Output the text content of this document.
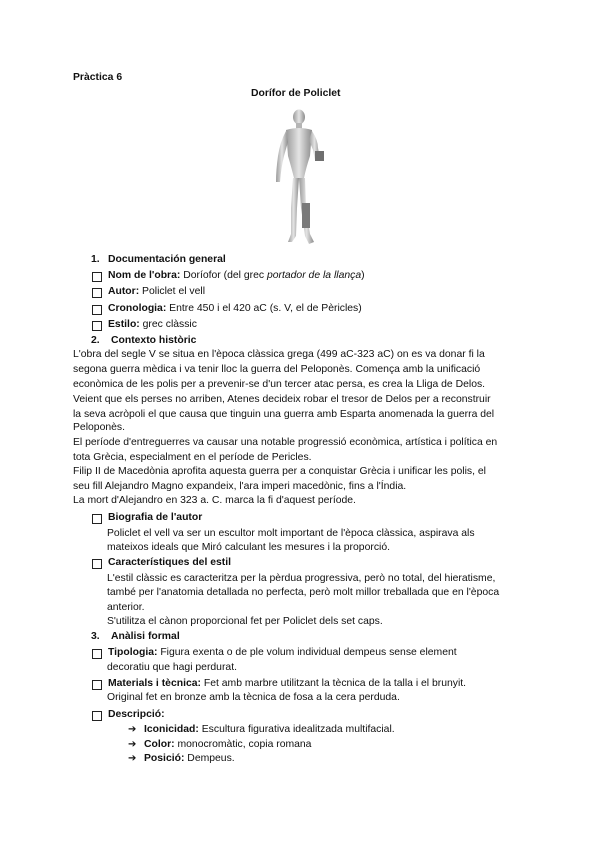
Pràctica 6
Dorífor de Policlet
1. Documentación general
Nom de l'obra: Doríofor (del grec portador de la llança)
Autor: Policlet el vell
Cronologia: Entre 450 i el 420 aC (s. V, el de Pèricles)
Estilo: grec clàssic
2. Contexto històric
L'obra del segle V se situa en l'època clàssica grega (499 aC-323 aC) on es va donar fi la
segona guerra mèdica i va tenir lloc la guerra del Peloponès. Comença amb la unificació
econòmica de les polis per a prevenir-se d'un tercer atac persa, es crea la Lliga de Delos.
Veient que els perses no arriben, Atenes decideix robar el tresor de Delos per a reconstruir
la seva acròpoli el que causa que tinguin una guerra amb Esparta anomenada la guerra del
Peloponès.
El període d'entreguerres va causar una notable progressió econòmica, artística i política en
tota Grècia, especialment en el període de Pericles.
Filip II de Macedònia aprofita aquesta guerra per a conquistar Grècia i unificar les polis, el
seu fill Alejandro Magno expandeix, l'ara imperi macedònic, fins a l'Índia.
La mort d'Alejandro en 323 a. C. marca la fi d'aquest període.
Biografia de l'autor
Policlet el vell va ser un escultor molt important de l'època clàssica, aspirava als
mateixos ideals que Miró calculant les mesures i la proporció.
Característiques del estil
L'estil clàssic es caracteritza per la pèrdua progressiva, però no total, del hieratisme,
també per l'anatomia detallada no perfecta, però molt millor treballada que en l'època
anterior.
S'utilitza el cànon proporcional fet per Policlet dels set caps.
3. Anàlisi formal
Tipologia: Figura exenta o de ple volum individual dempeus sense element
decoratiu que hagi perdurat.
Materials i tècnica: Fet amb marbre utilitzant la tècnica de la talla i el brunyit.
Original fet en bronze amb la tècnica de fosa a la cera perduda.
Descripció:
➔ Iconicidad: Escultura figurativa idealitzada multifacial.
➔ Color: monocromàtic, copia romana
➔ Posició: Dempeus.
